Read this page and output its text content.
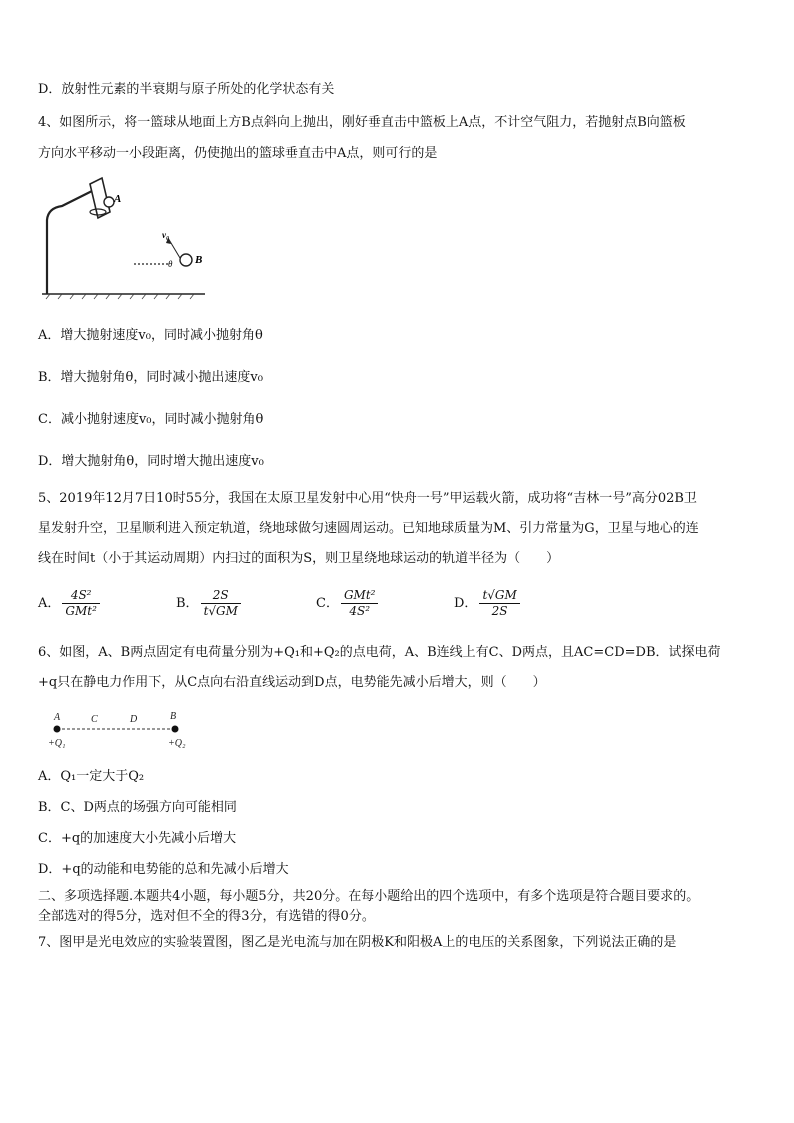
D．放射性元素的半衰期与原子所处的化学状态有关
4、如图所示，将一篮球从地面上方B点斜向上抛出，刚好垂直击中篮板上A点，不计空气阻力，若抛射点B向篮板
方向水平移动一小段距离，仍使抛出的篮球垂直击中A点，则可行的是
A
v₀
θ B
A．增大抛射速度v₀，同时减小抛射角θ
B．增大抛射角θ，同时减小抛出速度v₀
C．减小抛射速度v₀，同时减小抛射角θ
D．增大抛射角θ，同时增大抛出速度v₀
5、2019年12月7日10时55分，我国在太原卫星发射中心用“快舟一号”甲运载火箭，成功将“吉林一号”高分02B卫
星发射升空，卫星顺利进入预定轨道，绕地球做匀速圆周运动。已知地球质量为M、引力常量为G，卫星与地心的连
线在时间t（小于其运动周期）内扫过的面积为S，则卫星绕地球运动的轨道半径为（　　）
A． $\frac{\text{4S²}}{\text{GMt²}}$	B． $\frac{2S}{t√GM}$	C． $\frac{\text{GMt²}}{\text{4S²}}$	D． $\frac{t√GM}{2S}$
6、如图，A、B两点固定有电荷量分别为+Q₁和+Q₂的点电荷，A、B连线上有C、D两点，且AC=CD=DB．试探电荷
+q只在静电力作用下，从C点向右沿直线运动到D点，电势能先减小后增大，则（　　）
A	C	D	B
+Q₁	+Q₂
A．Q₁一定大于Q₂
B．C、D两点的场强方向可能相同
C．+q的加速度大小先减小后增大
D．+q的动能和电势能的总和先减小后增大
二、多项选择题.本题共4小题，每小题5分，共20分。在每小题给出的四个选项中，有多个选项是符合题目要求的。
全部选对的得5分，选对但不全的得3分，有选错的得0分。
7、图甲是光电效应的实验装置图，图乙是光电流与加在阴极K和阳极A上的电压的关系图象，下列说法正确的是
